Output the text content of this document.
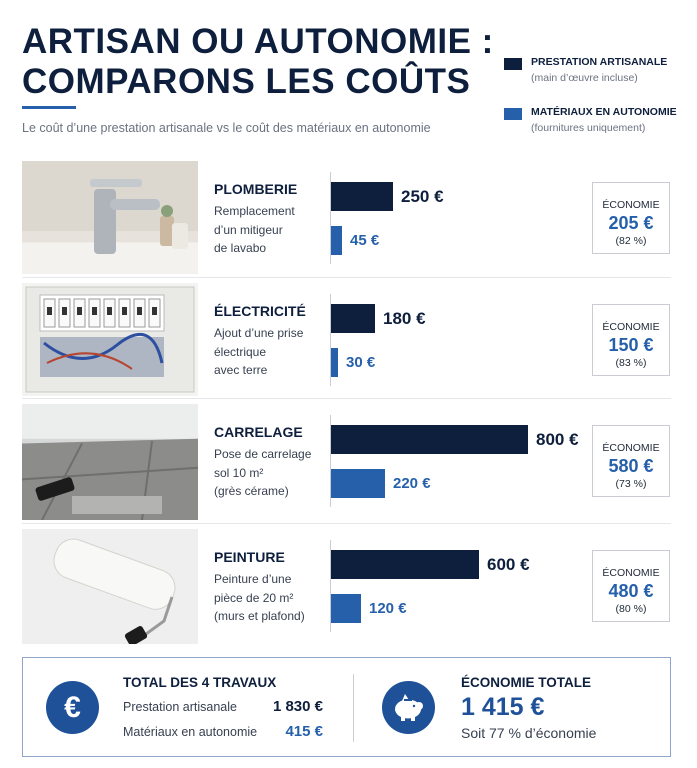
ARTISAN OU AUTONOMIE :
COMPARONS LES COÛTS
Le coût d’une prestation artisanale vs le coût des matériaux en autonomie
PRESTATION ARTISANALE
(main d’œuvre incluse)
MATÉRIAUX EN AUTONOMIE
(fournitures uniquement)
PLOMBERIE
Remplacement
d’un mitigeur
de lavabo
250 €
45 €
ÉCONOMIE
205 €
(82 %)
ÉLECTRICITÉ
Ajout d’une prise
électrique
avec terre
180 €
30 €
ÉCONOMIE
150 €
(83 %)
CARRELAGE
Pose de carrelage
sol 10 m²
(grès cérame)
800 €
220 €
ÉCONOMIE
580 €
(73 %)
PEINTURE
Peinture d’une
pièce de 20 m²
(murs et plafond)
600 €
120 €
ÉCONOMIE
480 €
(80 %)
€
TOTAL DES 4 TRAVAUX
Prestation artisanale	1 830 €
Matériaux en autonomie	415 €
ÉCONOMIE TOTALE
1 415 €
Soit 77 % d’économie
